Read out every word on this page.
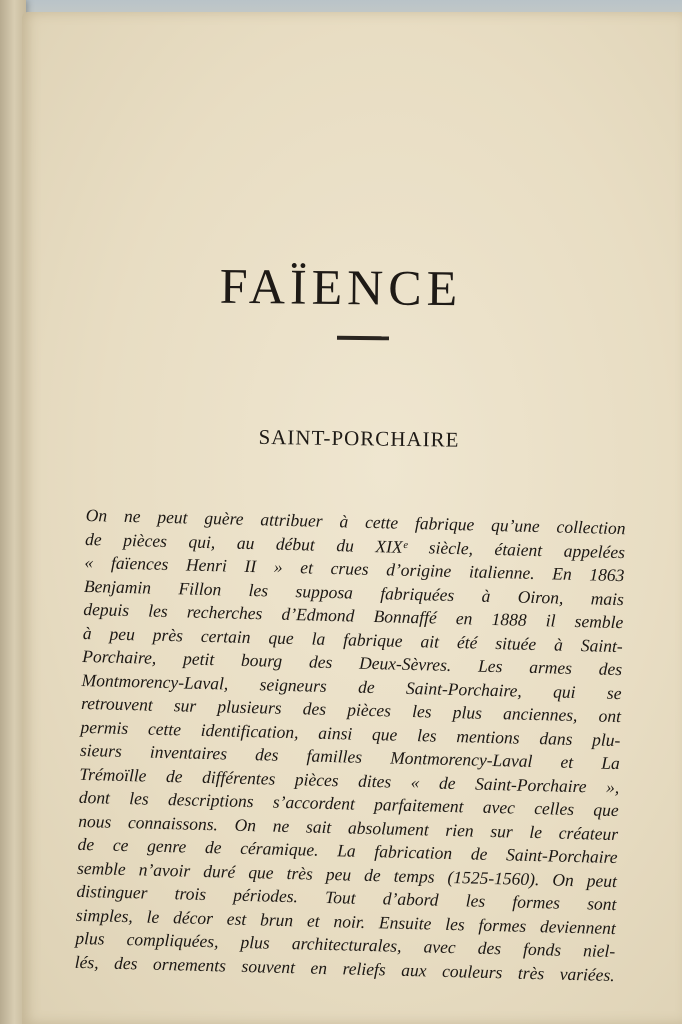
FAÏENCE
SAINT-PORCHAIRE

On ne peut guère attribuer à cette fabrique qu’une collection
de pièces qui, au début du XIXᵉ siècle, étaient appelées
« faïences Henri II » et crues d’origine italienne. En 1863
Benjamin Fillon les supposa fabriquées à Oiron, mais
depuis les recherches d’Edmond Bonnaffé en 1888 il semble
à peu près certain que la fabrique ait été située à Saint-
Porchaire, petit bourg des Deux-Sèvres. Les armes des
Montmorency-Laval, seigneurs de Saint-Porchaire, qui se
retrouvent sur plusieurs des pièces les plus anciennes, ont
permis cette identification, ainsi que les mentions dans plu-
sieurs inventaires des familles Montmorency-Laval et La
Trémoïlle de différentes pièces dites « de Saint-Porchaire »,
dont les descriptions s’accordent parfaitement avec celles que
nous connaissons. On ne sait absolument rien sur le créateur
de ce genre de céramique. La fabrication de Saint-Porchaire
semble n’avoir duré que très peu de temps (1525-1560). On peut
distinguer trois périodes. Tout d’abord les formes sont
simples, le décor est brun et noir. Ensuite les formes deviennent
plus compliquées, plus architecturales, avec des fonds niel-
lés, des ornements souvent en reliefs aux couleurs très variées.
